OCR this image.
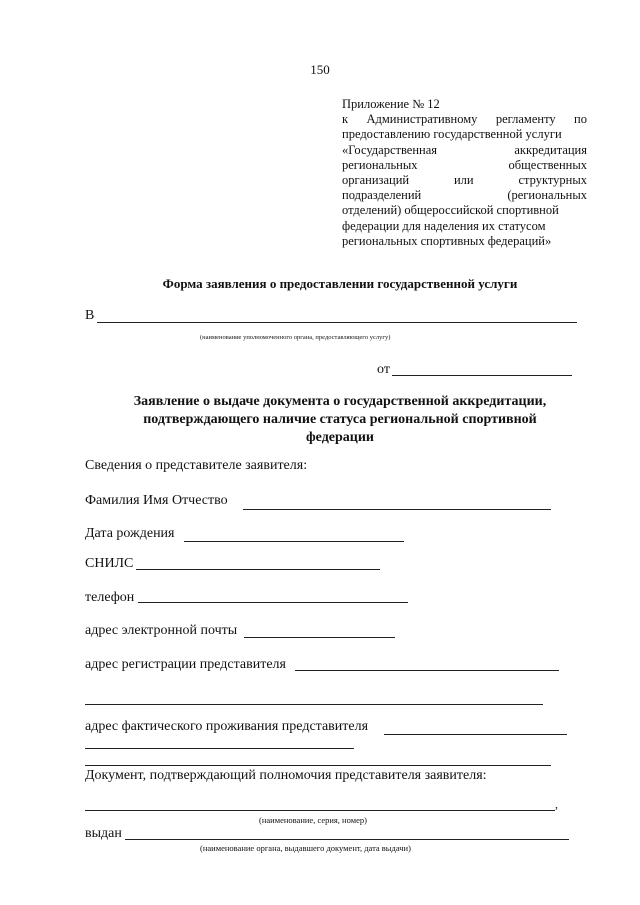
150
Приложение № 12
к Административному регламенту по
предоставлению государственной услуги
«Государственная	аккредитация
региональных	общественных
организаций	или	структурных
подразделений	(региональных
отделений) общероссийской спортивной
федерации для наделения их статусом
региональных спортивных федераций»
Форма заявления о предоставлении государственной услуги
В
(наименование уполномоченного органа, предоставляющего услугу)
от
Заявление о выдаче документа о государственной аккредитации,
подтверждающего наличие статуса региональной спортивной
федерации
Сведения о представителе заявителя:
Фамилия Имя Отчество
Дата рождения
СНИЛС
телефон
адрес электронной почты
адрес регистрации представителя
адрес фактического проживания представителя
Документ, подтверждающий полномочия представителя заявителя:
,
(наименование, серия, номер)
выдан
(наименование органа, выдавшего документ, дата выдачи)
